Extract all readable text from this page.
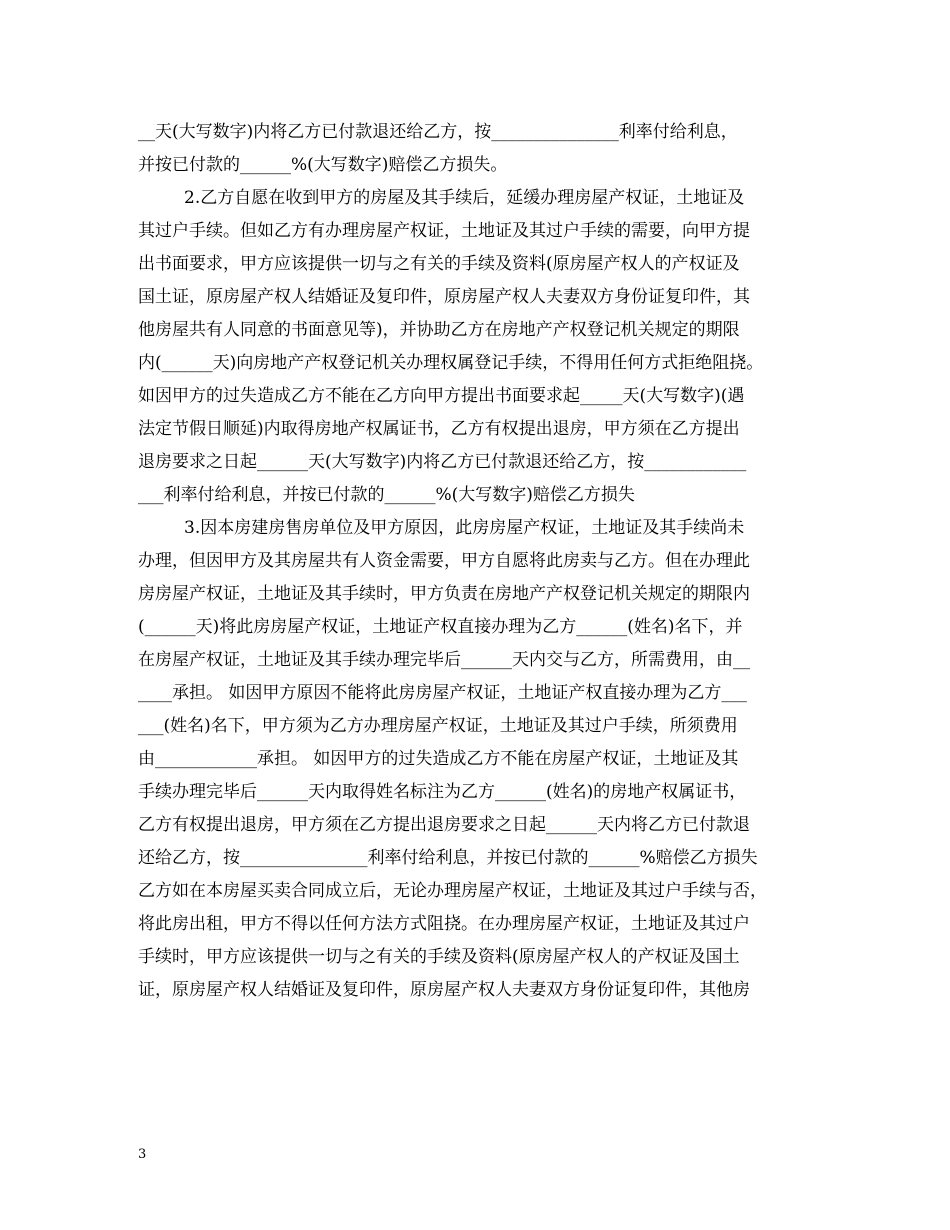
__天(大写数字)内将乙方已付款退还给乙方，按_______________利率付给利息，
并按已付款的______%(大写数字)赔偿乙方损失。
2.乙方自愿在收到甲方的房屋及其手续后，延缓办理房屋产权证，土地证及
其过户手续。但如乙方有办理房屋产权证，土地证及其过户手续的需要，向甲方提
出书面要求，甲方应该提供一切与之有关的手续及资料(原房屋产权人的产权证及
国土证，原房屋产权人结婚证及复印件，原房屋产权人夫妻双方身份证复印件，其
他房屋共有人同意的书面意见等)，并协助乙方在房地产产权登记机关规定的期限
内(______天)向房地产产权登记机关办理权属登记手续，不得用任何方式拒绝阻挠。
如因甲方的过失造成乙方不能在乙方向甲方提出书面要求起_____天(大写数字)(遇
法定节假日顺延)内取得房地产权属证书，乙方有权提出退房，甲方须在乙方提出
退房要求之日起______天(大写数字)内将乙方已付款退还给乙方，按____________
___利率付给利息，并按已付款的______%(大写数字)赔偿乙方损失
3.因本房建房售房单位及甲方原因，此房房屋产权证，土地证及其手续尚未
办理，但因甲方及其房屋共有人资金需要，甲方自愿将此房卖与乙方。但在办理此
房房屋产权证，土地证及其手续时，甲方负责在房地产产权登记机关规定的期限内
(______天)将此房房屋产权证，土地证产权直接办理为乙方______(姓名)名下，并
在房屋产权证，土地证及其手续办理完毕后______天内交与乙方，所需费用，由__
____承担。 如因甲方原因不能将此房房屋产权证，土地证产权直接办理为乙方___
___(姓名)名下，甲方须为乙方办理房屋产权证，土地证及其过户手续，所须费用
由____________承担。 如因甲方的过失造成乙方不能在房屋产权证，土地证及其
手续办理完毕后______天内取得姓名标注为乙方______(姓名)的房地产权属证书，
乙方有权提出退房，甲方须在乙方提出退房要求之日起______天内将乙方已付款退
还给乙方，按_______________利率付给利息，并按已付款的______%赔偿乙方损失
乙方如在本房屋买卖合同成立后，无论办理房屋产权证，土地证及其过户手续与否，
将此房出租，甲方不得以任何方法方式阻挠。在办理房屋产权证，土地证及其过户
手续时，甲方应该提供一切与之有关的手续及资料(原房屋产权人的产权证及国土
证，原房屋产权人结婚证及复印件，原房屋产权人夫妻双方身份证复印件，其他房
3
